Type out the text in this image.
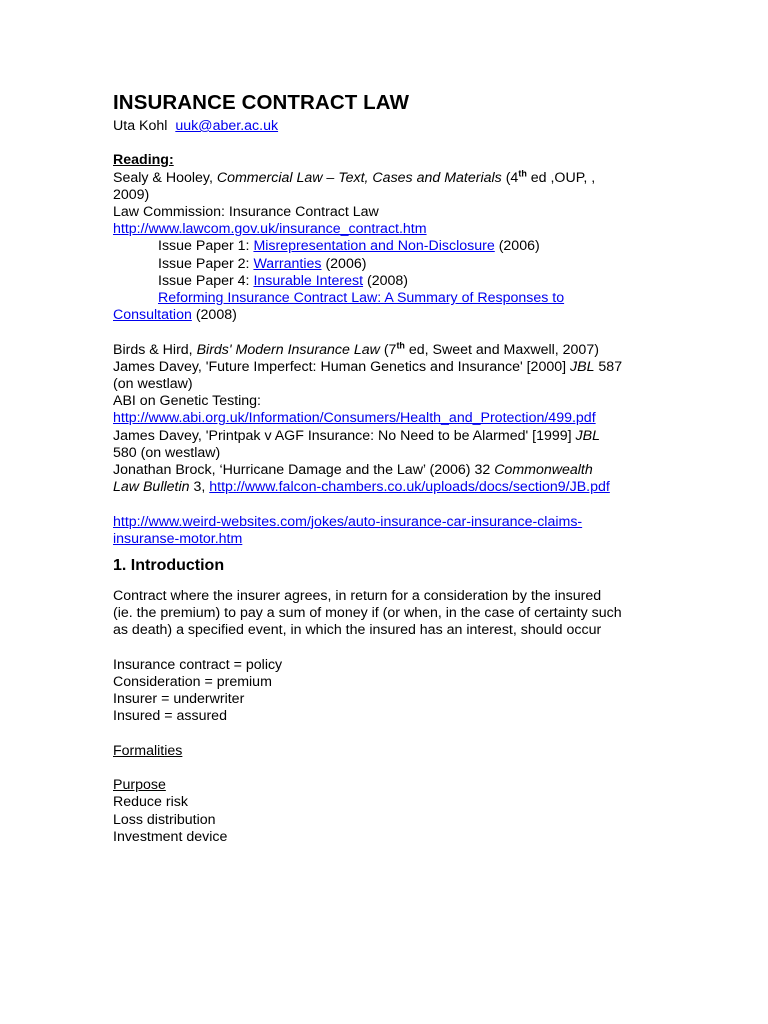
INSURANCE CONTRACT LAW
Uta Kohl uuk@aber.ac.uk
Reading:
Sealy & Hooley, Commercial Law – Text, Cases and Materials (4th ed ,OUP, ,
2009)
Law Commission: Insurance Contract Law
http://www.lawcom.gov.uk/insurance_contract.htm
Issue Paper 1: Misrepresentation and Non-Disclosure (2006)
Issue Paper 2: Warranties (2006)
Issue Paper 4: Insurable Interest (2008)
Reforming Insurance Contract Law: A Summary of Responses to
Consultation (2008)
Birds & Hird, Birds' Modern Insurance Law (7th ed, Sweet and Maxwell, 2007)
James Davey, 'Future Imperfect: Human Genetics and Insurance' [2000] JBL 587
(on westlaw)
ABI on Genetic Testing:
http://www.abi.org.uk/Information/Consumers/Health_and_Protection/499.pdf
James Davey, 'Printpak v AGF Insurance: No Need to be Alarmed' [1999] JBL
580 (on westlaw)
Jonathan Brock, ‘Hurricane Damage and the Law’ (2006) 32 Commonwealth
Law Bulletin 3, http://www.falcon-chambers.co.uk/uploads/docs/section9/JB.pdf
http://www.weird-websites.com/jokes/auto-insurance-car-insurance-claims-
insuranse-motor.htm
1. Introduction
Contract where the insurer agrees, in return for a consideration by the insured
(ie. the premium) to pay a sum of money if (or when, in the case of certainty such
as death) a specified event, in which the insured has an interest, should occur
Insurance contract = policy
Consideration = premium
Insurer = underwriter
Insured = assured
Formalities
Purpose
Reduce risk
Loss distribution
Investment device
